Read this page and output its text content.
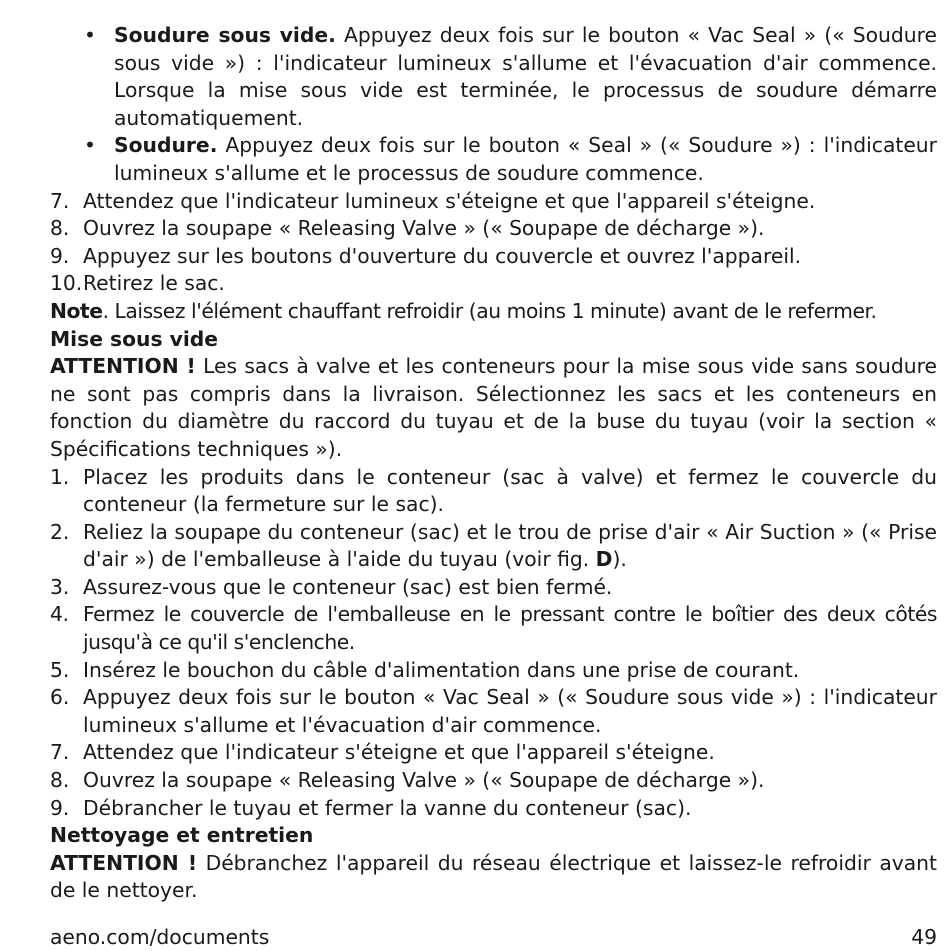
• Soudure sous vide. Appuyez deux fois sur le bouton « Vac Seal » (« Soudure sous vide ») : l'indicateur lumineux s'allume et l'évacuation d'air commence. Lorsque la mise sous vide est terminée, le processus de soudure démarre automatiquement.
• Soudure. Appuyez deux fois sur le bouton « Seal » (« Soudure ») : l'indicateur lumineux s'allume et le processus de soudure commence.
7. Attendez que l'indicateur lumineux s'éteigne et que l'appareil s'éteigne.
8. Ouvrez la soupape « Releasing Valve » (« Soupape de décharge »).
9. Appuyez sur les boutons d'ouverture du couvercle et ouvrez l'appareil.
10. Retirez le sac.

Note. Laissez l'élément chauffant refroidir (au moins 1 minute) avant de le refermer.

Mise sous vide

ATTENTION ! Les sacs à valve et les conteneurs pour la mise sous vide sans soudure ne sont pas compris dans la livraison. Sélectionnez les sacs et les conteneurs en fonction du diamètre du raccord du tuyau et de la buse du tuyau (voir la section « Spécifications techniques »).

1. Placez les produits dans le conteneur (sac à valve) et fermez le couvercle du conteneur (la fermeture sur le sac).
2. Reliez la soupape du conteneur (sac) et le trou de prise d'air « Air Suction » (« Prise d'air ») de l'emballeuse à l'aide du tuyau (voir fig. D).
3. Assurez-vous que le conteneur (sac) est bien fermé.
4. Fermez le couvercle de l'emballeuse en le pressant contre le boîtier des deux côtés jusqu'à ce qu'il s'enclenche.
5. Insérez le bouchon du câble d'alimentation dans une prise de courant.
6. Appuyez deux fois sur le bouton « Vac Seal » (« Soudure sous vide ») : l'indicateur lumineux s'allume et l'évacuation d'air commence.
7. Attendez que l'indicateur s'éteigne et que l'appareil s'éteigne.
8. Ouvrez la soupape « Releasing Valve » (« Soupape de décharge »).
9. Débrancher le tuyau et fermer la vanne du conteneur (sac).

Nettoyage et entretien

ATTENTION ! Débranchez l'appareil du réseau électrique et laissez-le refroidir avant de le nettoyer.

aeno.com/documents	49
